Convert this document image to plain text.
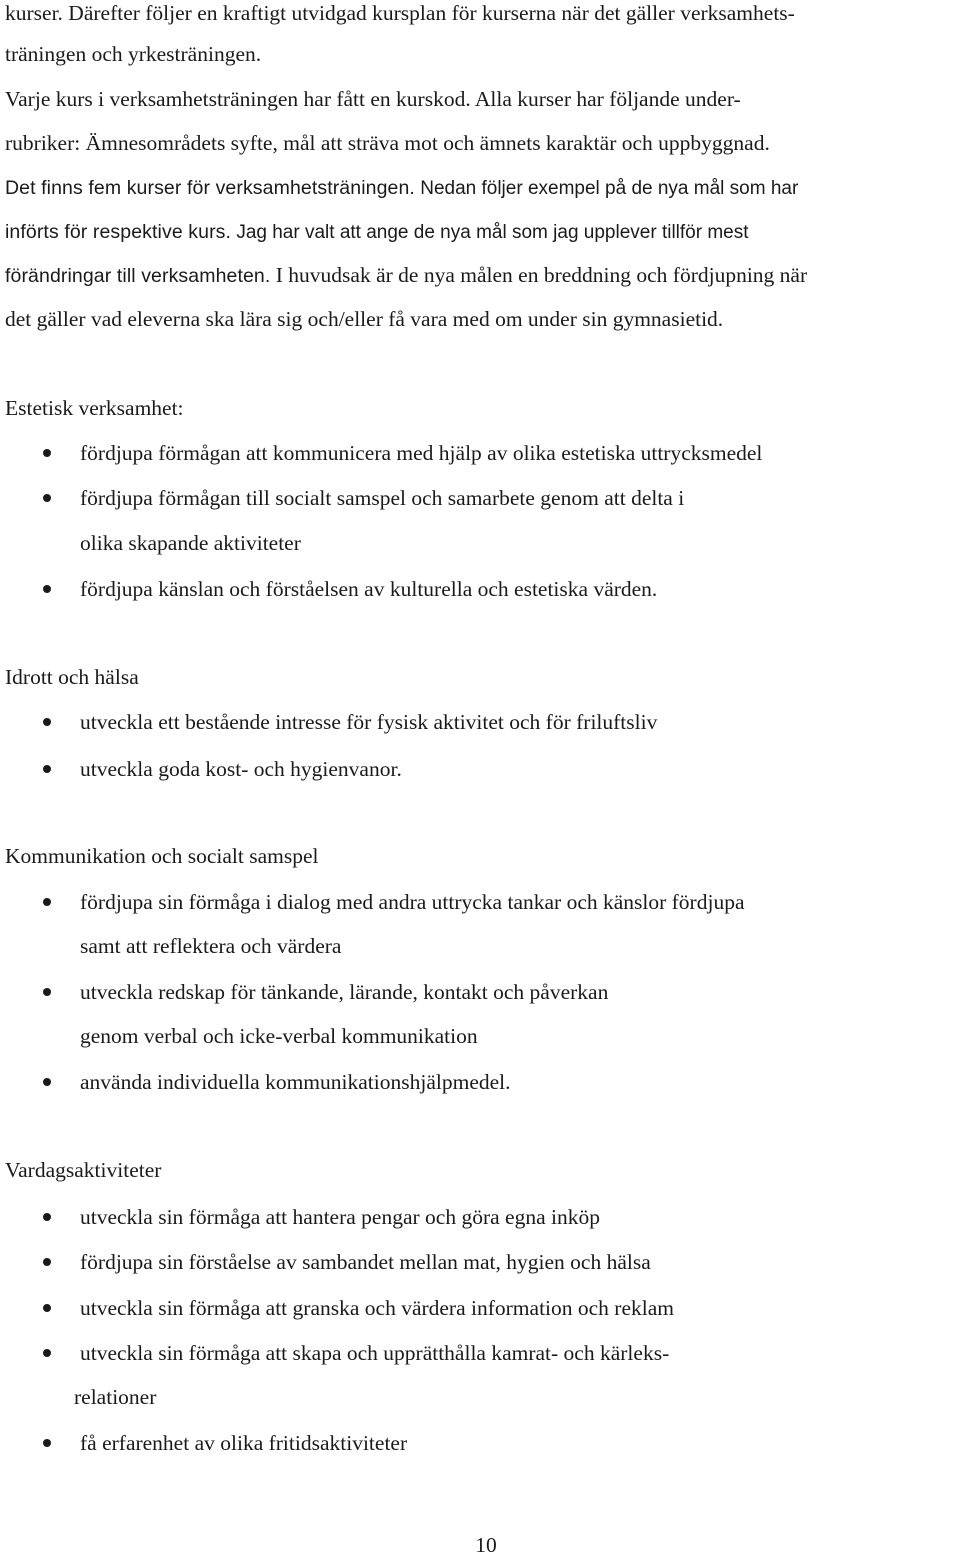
kurser. Därefter följer en kraftigt utvidgad kursplan för kurserna när det gäller verksamhets-
träningen och yrkesträningen.
Varje kurs i verksamhetsträningen har fått en kurskod. Alla kurser har följande under-
rubriker: Ämnesområdets syfte, mål att sträva mot och ämnets karaktär och uppbyggnad.
Det finns fem kurser för verksamhetsträningen. Nedan följer exempel på de nya mål som har
införts för respektive kurs. Jag har valt att ange de nya mål som jag upplever tillför mest
förändringar till verksamheten. I huvudsak är de nya målen en breddning och fördjupning när
det gäller vad eleverna ska lära sig och/eller få vara med om under sin gymnasietid.
Estetisk verksamhet:
fördjupa förmågan att kommunicera med hjälp av olika estetiska uttrycksmedel
fördjupa förmågan till socialt samspel och samarbete genom att delta i
olika skapande aktiviteter
fördjupa känslan och förståelsen av kulturella och estetiska värden.
Idrott och hälsa
utveckla ett bestående intresse för fysisk aktivitet och för friluftsliv
utveckla goda kost- och hygienvanor.
Kommunikation och socialt samspel
fördjupa sin förmåga i dialog med andra uttrycka tankar och känslor fördjupa
samt att reflektera och värdera
utveckla redskap för tänkande, lärande, kontakt och påverkan
genom verbal och icke-verbal kommunikation
använda individuella kommunikationshjälpmedel.
Vardagsaktiviteter
utveckla sin förmåga att hantera pengar och göra egna inköp
fördjupa sin förståelse av sambandet mellan mat, hygien och hälsa
utveckla sin förmåga att granska och värdera information och reklam
utveckla sin förmåga att skapa och upprätthålla kamrat- och kärleks-
relationer
få erfarenhet av olika fritidsaktiviteter
10
